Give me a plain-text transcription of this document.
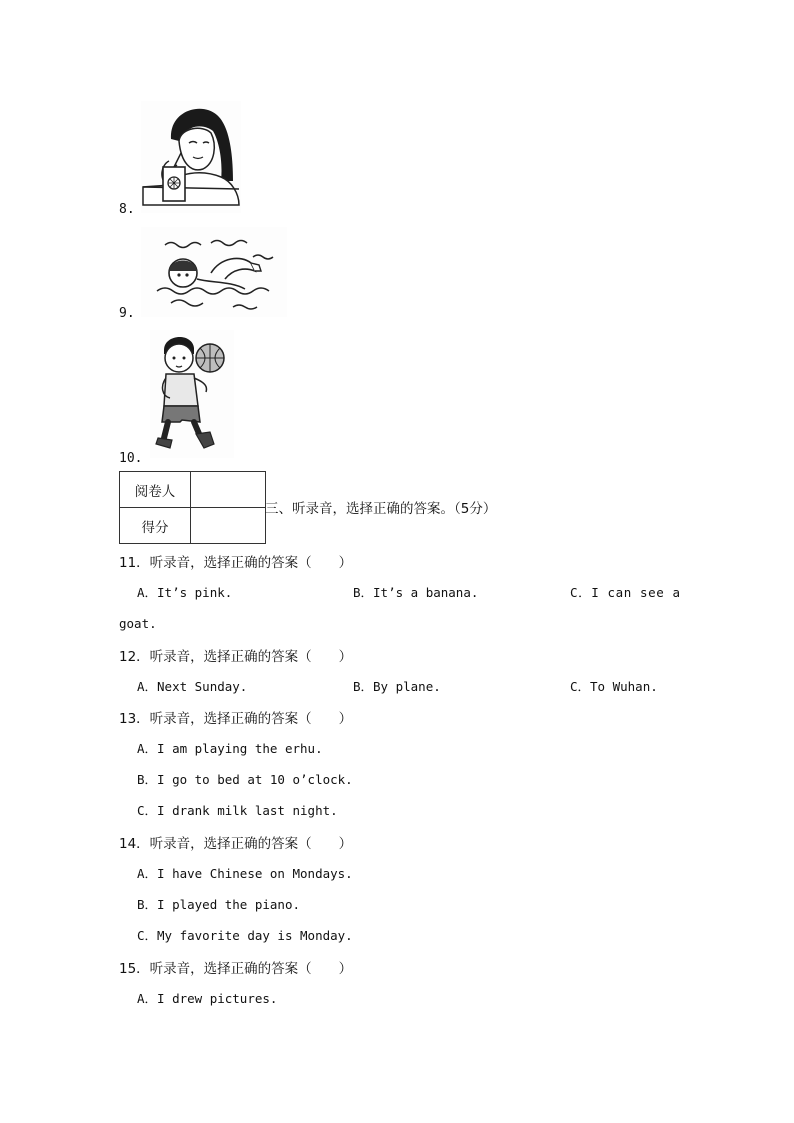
8.
9.
10.
阅卷人	
得分	
三、听录音，选择正确的答案。（5分）
11．听录音，选择正确的答案（　　）
A．It’s pink.	B．It’s a banana.	C．I can see a
goat.
12．听录音，选择正确的答案（　　）
A．Next Sunday.	B．By plane.	C．To Wuhan.
13．听录音，选择正确的答案（　　）
A．I am playing the erhu.
B．I go to bed at 10 o’clock.
C．I drank milk last night.
14．听录音，选择正确的答案（　　）
A．I have Chinese on Mondays.
B．I played the piano.
C．My favorite day is Monday.
15．听录音，选择正确的答案（　　）
A．I drew pictures.
